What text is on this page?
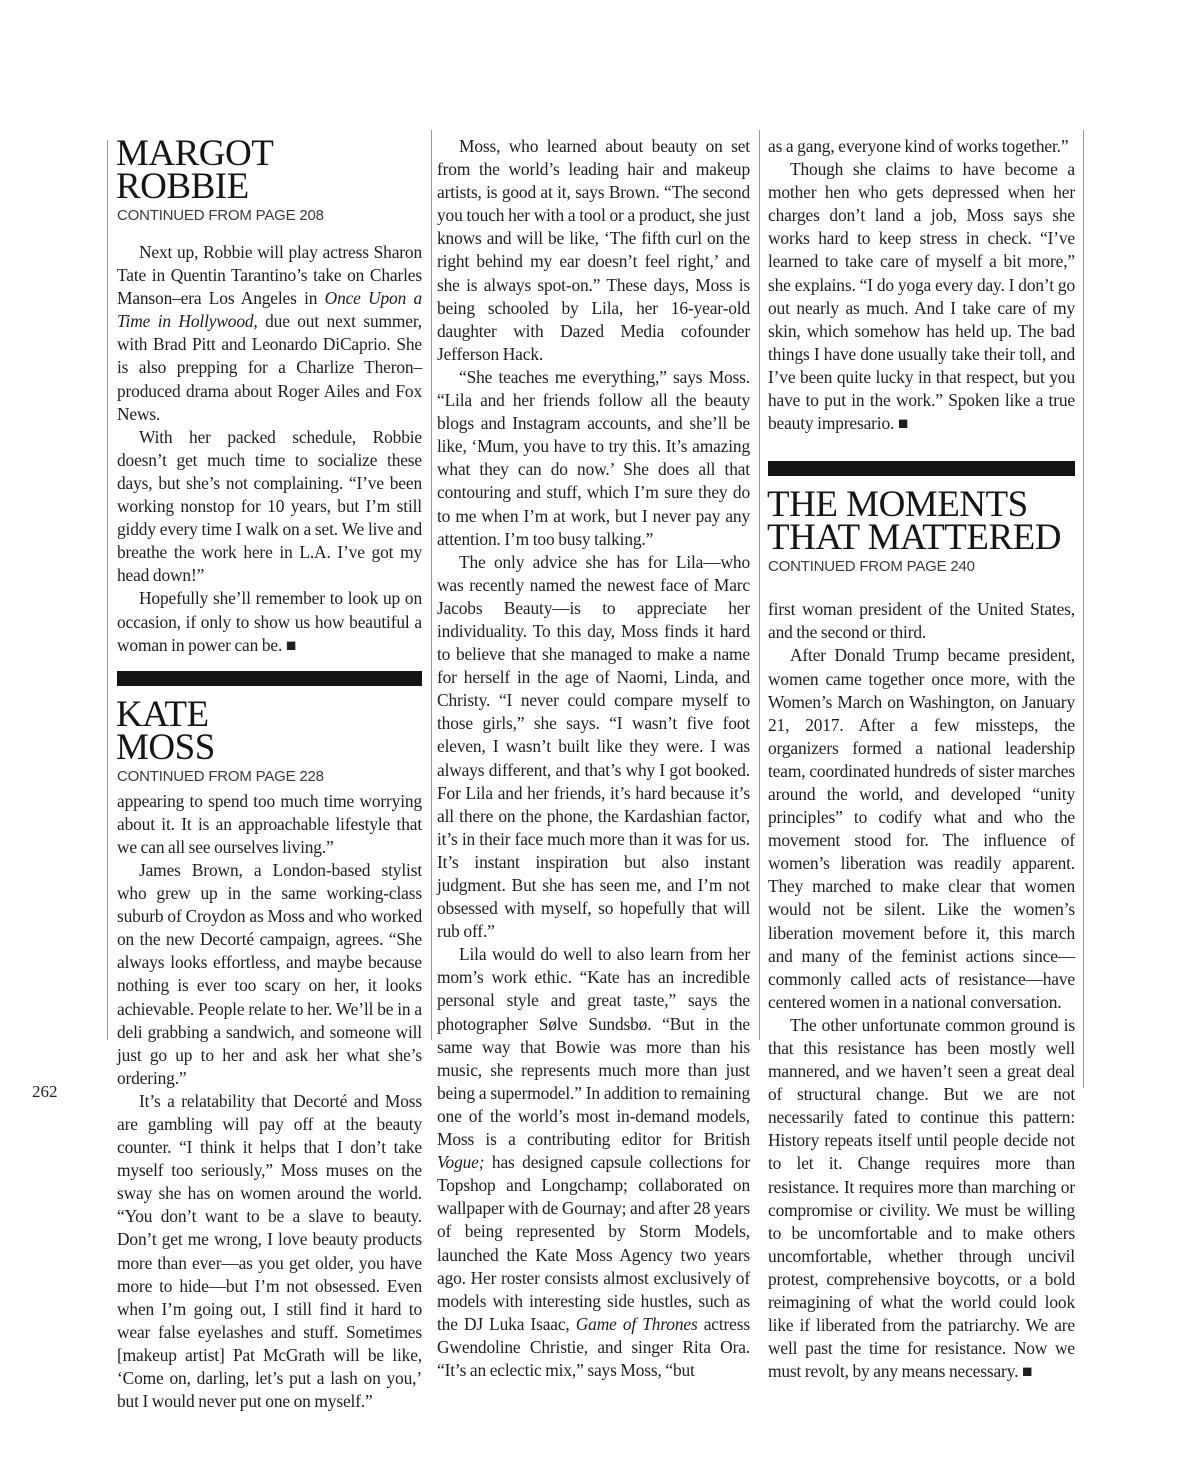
MARGOT
ROBBIE
CONTINUED FROM PAGE 208

Next up, Robbie will play actress Sharon Tate in Quentin Tarantino’s take on Charles Manson–era Los Angeles in Once Upon a Time in Hollywood, due out next summer, with Brad Pitt and Leonardo DiCaprio. She is also prepping for a Charlize Theron–produced drama about Roger Ailes and Fox News.

With her packed schedule, Robbie doesn’t get much time to socialize these days, but she’s not complaining. “I’ve been working nonstop for 10 years, but I’m still giddy every time I walk on a set. We live and breathe the work here in L.A. I’ve got my head down!”

Hopefully she’ll remember to look up on occasion, if only to show us how beautiful a woman in power can be. ■

KATE
MOSS
CONTINUED FROM PAGE 228

appearing to spend too much time worrying about it. It is an approachable lifestyle that we can all see ourselves living.”

James Brown, a London-based stylist who grew up in the same working-class suburb of Croydon as Moss and who worked on the new Decorté campaign, agrees. “She always looks effortless, and maybe because nothing is ever too scary on her, it looks achievable. People relate to her. We’ll be in a deli grabbing a sandwich, and someone will just go up to her and ask her what she’s ordering.”

It’s a relatability that Decorté and Moss are gambling will pay off at the beauty counter. “I think it helps that I don’t take myself too seriously,” Moss muses on the sway she has on women around the world. “You don’t want to be a slave to beauty. Don’t get me wrong, I love beauty products more than ever—as you get older, you have more to hide—but I’m not obsessed. Even when I’m going out, I still find it hard to wear false eyelashes and stuff. Sometimes [makeup artist] Pat McGrath will be like, ‘Come on, darling, let’s put a lash on you,’ but I would never put one on myself.”

Moss, who learned about beauty on set from the world’s leading hair and makeup artists, is good at it, says Brown. “The second you touch her with a tool or a product, she just knows and will be like, ‘The fifth curl on the right behind my ear doesn’t feel right,’ and she is always spot-on.” These days, Moss is being schooled by Lila, her 16-year-old daughter with Dazed Media cofounder Jefferson Hack.

“She teaches me everything,” says Moss. “Lila and her friends follow all the beauty blogs and Instagram accounts, and she’ll be like, ‘Mum, you have to try this. It’s amazing what they can do now.’ She does all that contouring and stuff, which I’m sure they do to me when I’m at work, but I never pay any attention. I’m too busy talking.”

The only advice she has for Lila—who was recently named the newest face of Marc Jacobs Beauty—is to appreciate her individuality. To this day, Moss finds it hard to believe that she managed to make a name for herself in the age of Naomi, Linda, and Christy. “I never could compare myself to those girls,” she says. “I wasn’t five foot eleven, I wasn’t built like they were. I was always different, and that’s why I got booked. For Lila and her friends, it’s hard because it’s all there on the phone, the Kardashian factor, it’s in their face much more than it was for us. It’s instant inspiration but also instant judgment. But she has seen me, and I’m not obsessed with myself, so hopefully that will rub off.”

Lila would do well to also learn from her mom’s work ethic. “Kate has an incredible personal style and great taste,” says the photographer Sølve Sundsbø. “But in the same way that Bowie was more than his music, she represents much more than just being a supermodel.” In addition to remaining one of the world’s most in-demand models, Moss is a contributing editor for British Vogue; has designed capsule collections for Topshop and Longchamp; collaborated on wallpaper with de Gournay; and after 28 years of being represented by Storm Models, launched the Kate Moss Agency two years ago. Her roster consists almost exclusively of models with interesting side hustles, such as the DJ Luka Isaac, Game of Thrones actress Gwendoline Christie, and singer Rita Ora. “It’s an eclectic mix,” says Moss, “but

as a gang, everyone kind of works together.”

Though she claims to have become a mother hen who gets depressed when her charges don’t land a job, Moss says she works hard to keep stress in check. “I’ve learned to take care of myself a bit more,” she explains. “I do yoga every day. I don’t go out nearly as much. And I take care of my skin, which somehow has held up. The bad things I have done usually take their toll, and I’ve been quite lucky in that respect, but you have to put in the work.” Spoken like a true beauty impresario. ■

THE MOMENTS
THAT MATTERED
CONTINUED FROM PAGE 240

first woman president of the United States, and the second or third.

After Donald Trump became president, women came together once more, with the Women’s March on Washington, on January 21, 2017. After a few missteps, the organizers formed a national leadership team, coordinated hundreds of sister marches around the world, and developed “unity principles” to codify what and who the movement stood for. The influence of women’s liberation was readily apparent. They marched to make clear that women would not be silent. Like the women’s liberation movement before it, this march and many of the feminist actions since—commonly called acts of resistance—have centered women in a national conversation.

The other unfortunate common ground is that this resistance has been mostly well mannered, and we haven’t seen a great deal of structural change. But we are not necessarily fated to continue this pattern: History repeats itself until people decide not to let it. Change requires more than resistance. It requires more than marching or compromise or civility. We must be willing to be uncomfortable and to make others uncomfortable, whether through uncivil protest, comprehensive boycotts, or a bold reimagining of what the world could look like if liberated from the patriarchy. We are well past the time for resistance. Now we must revolt, by any means necessary. ■

262
